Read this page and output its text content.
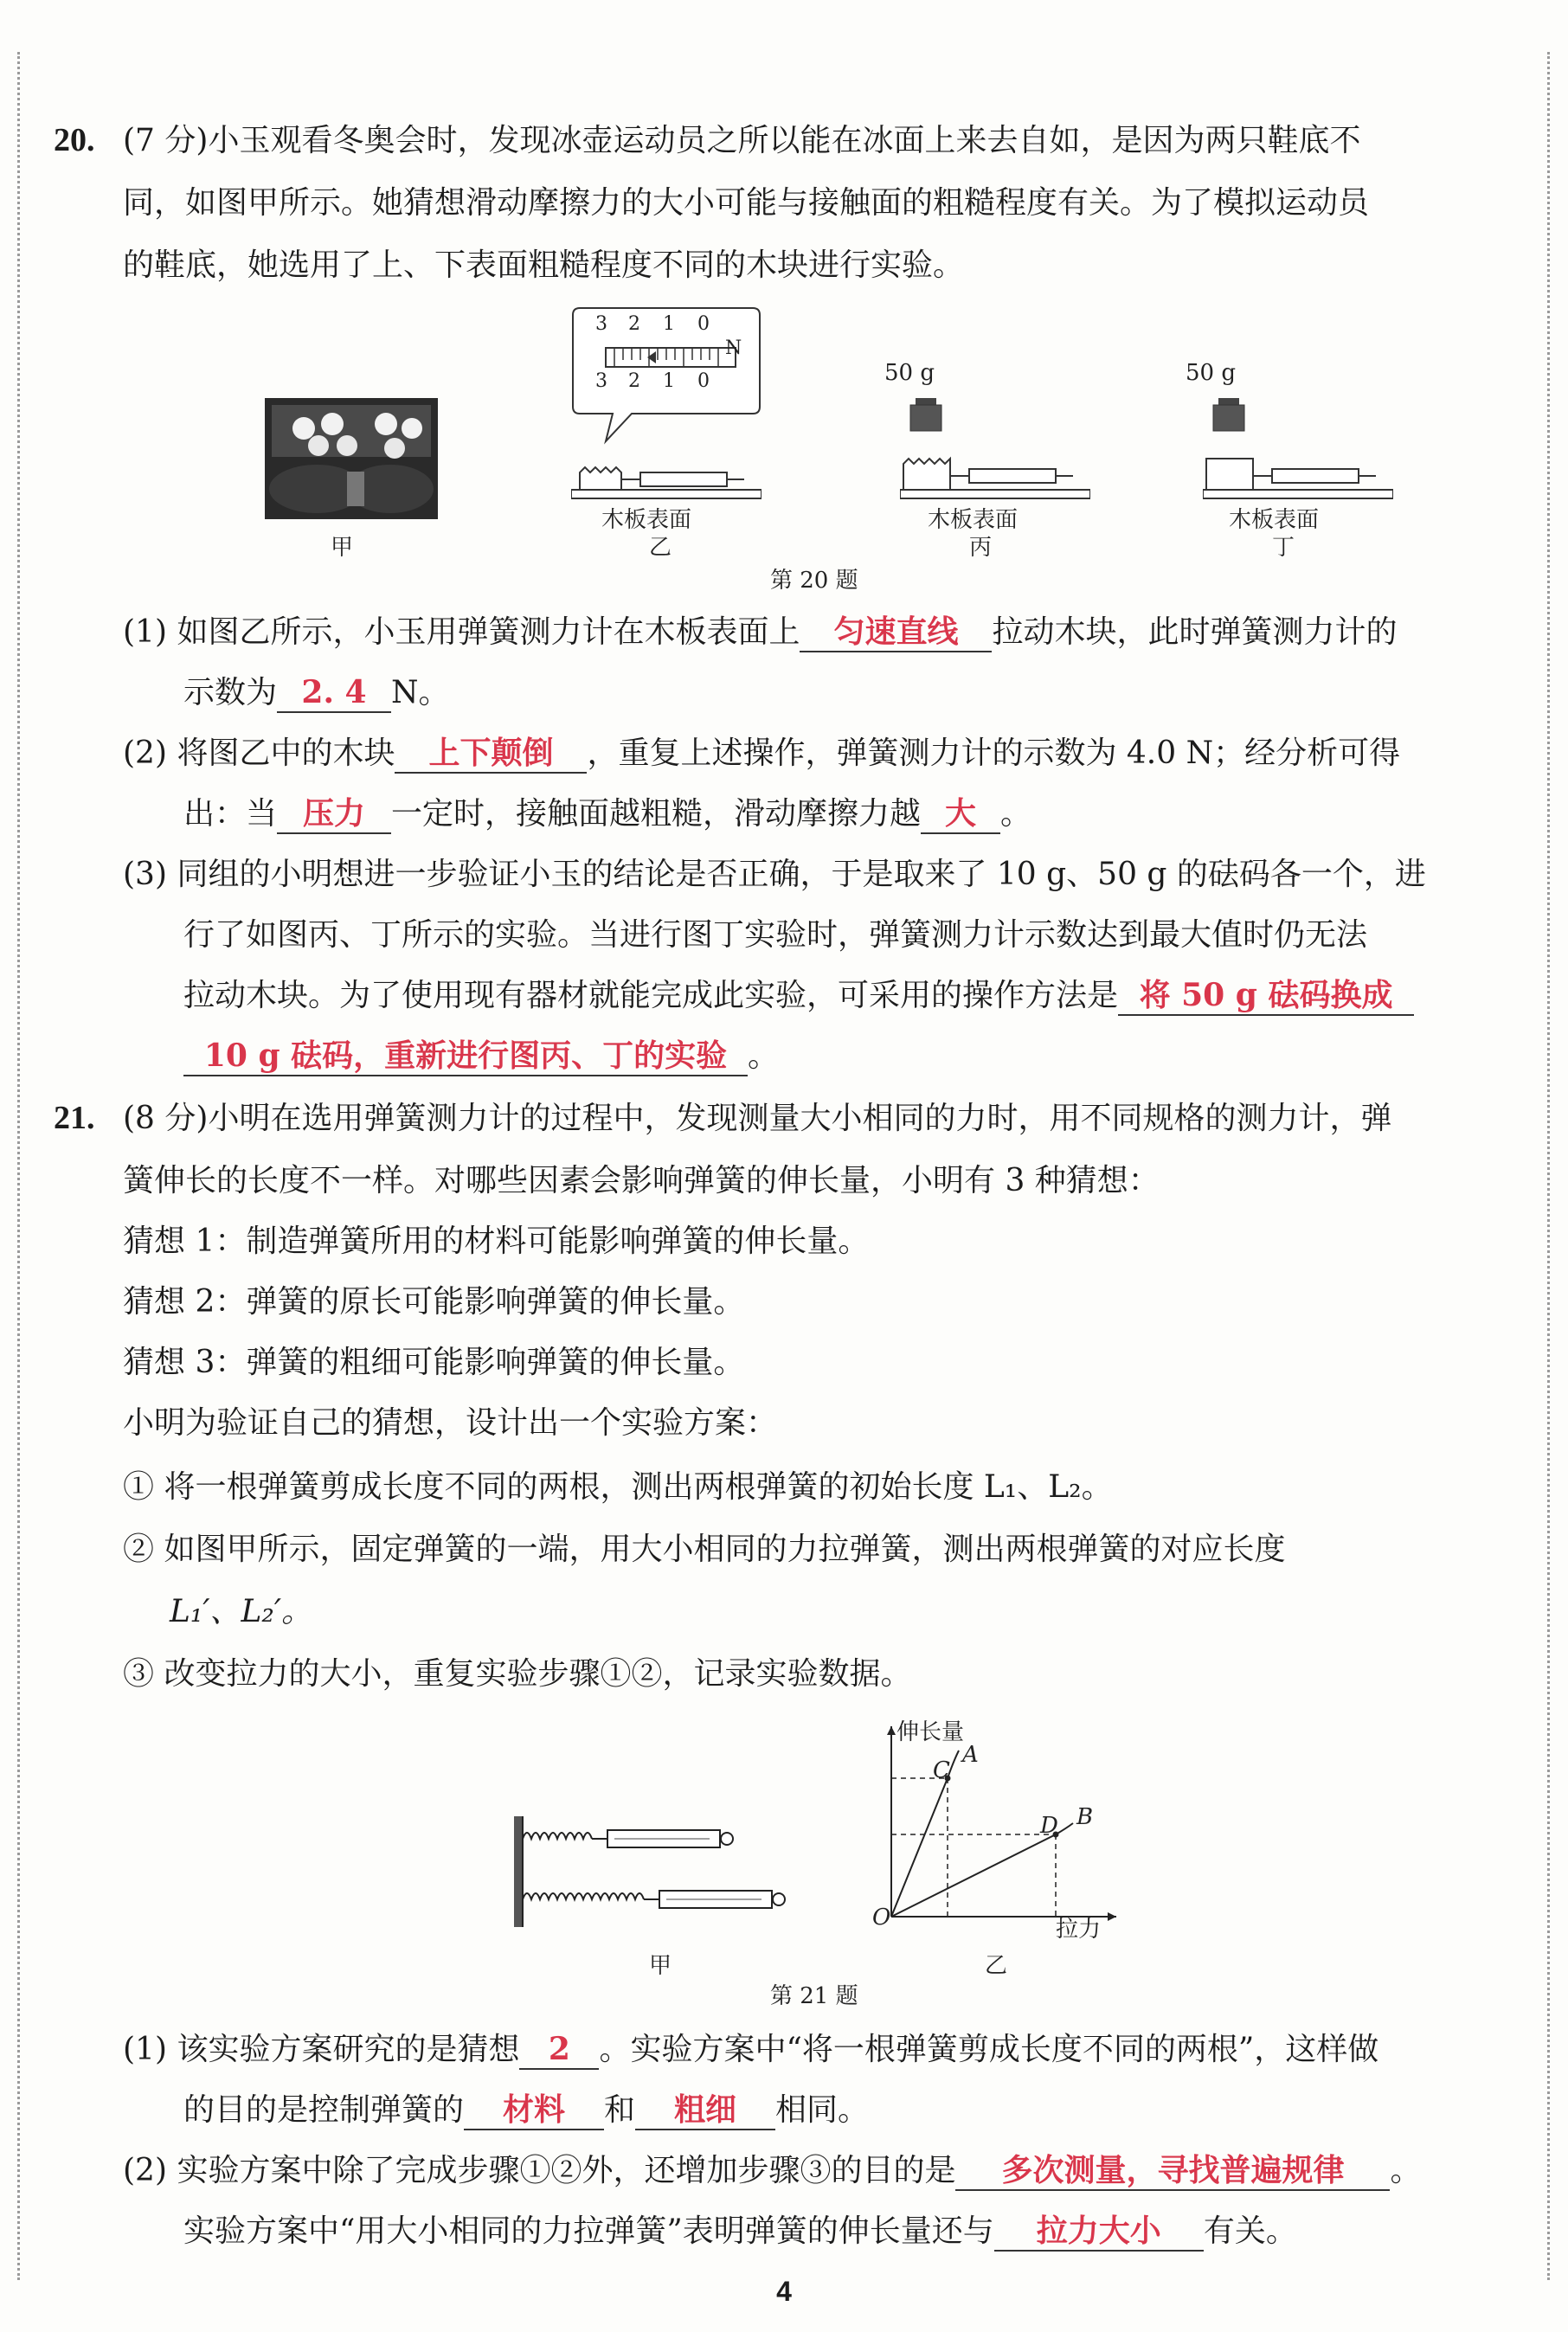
20. (7 分)小玉观看冬奥会时，发现冰壶运动员之所以能在冰面上来去自如，是因为两只鞋底不
同，如图甲所示。她猜想滑动摩擦力的大小可能与接触面的粗糙程度有关。为了模拟运动员
的鞋底，她选用了上、下表面粗糙程度不同的木块进行实验。
甲
3 2 1 0
N
3 2 1 0
木板表面
乙
50 g
木板表面
丙
50 g
木板表面
丁
第 20 题
(1) 如图乙所示，小玉用弹簧测力计在木板表面上 匀速直线 拉动木块，此时弹簧测力计的
示数为 2. 4 N。
(2) 将图乙中的木块 上下颠倒 ，重复上述操作，弹簧测力计的示数为 4.0 N；经分析可得
出：当 压力 一定时，接触面越粗糙，滑动摩擦力越 大 。
(3) 同组的小明想进一步验证小玉的结论是否正确，于是取来了 10 g、50 g 的砝码各一个，进
行了如图丙、丁所示的实验。当进行图丁实验时，弹簧测力计示数达到最大值时仍无法
拉动木块。为了使用现有器材就能完成此实验，可采用的操作方法是 将 50 g 砝码换成
10 g 砝码，重新进行图丙、丁的实验 。
21. (8 分)小明在选用弹簧测力计的过程中，发现测量大小相同的力时，用不同规格的测力计，弹
簧伸长的长度不一样。对哪些因素会影响弹簧的伸长量，小明有 3 种猜想：
猜想 1：制造弹簧所用的材料可能影响弹簧的伸长量。
猜想 2：弹簧的原长可能影响弹簧的伸长量。
猜想 3：弹簧的粗细可能影响弹簧的伸长量。
小明为验证自己的猜想，设计出一个实验方案：
① 将一根弹簧剪成长度不同的两根，测出两根弹簧的初始长度 L₁、L₂。
② 如图甲所示，固定弹簧的一端，用大小相同的力拉弹簧，测出两根弹簧的对应长度
L₁′、L₂′。
③ 改变拉力的大小，重复实验步骤①②，记录实验数据。
甲
伸长量
拉力
O
A
B
C
D
乙
第 21 题
(1) 该实验方案研究的是猜想 2 。实验方案中“将一根弹簧剪成长度不同的两根”，这样做
的目的是控制弹簧的 材料 和 粗细 相同。
(2) 实验方案中除了完成步骤①②外，还增加步骤③的目的是 多次测量，寻找普遍规律 。
实验方案中“用大小相同的力拉弹簧”表明弹簧的伸长量还与 拉力大小 有关。
4
